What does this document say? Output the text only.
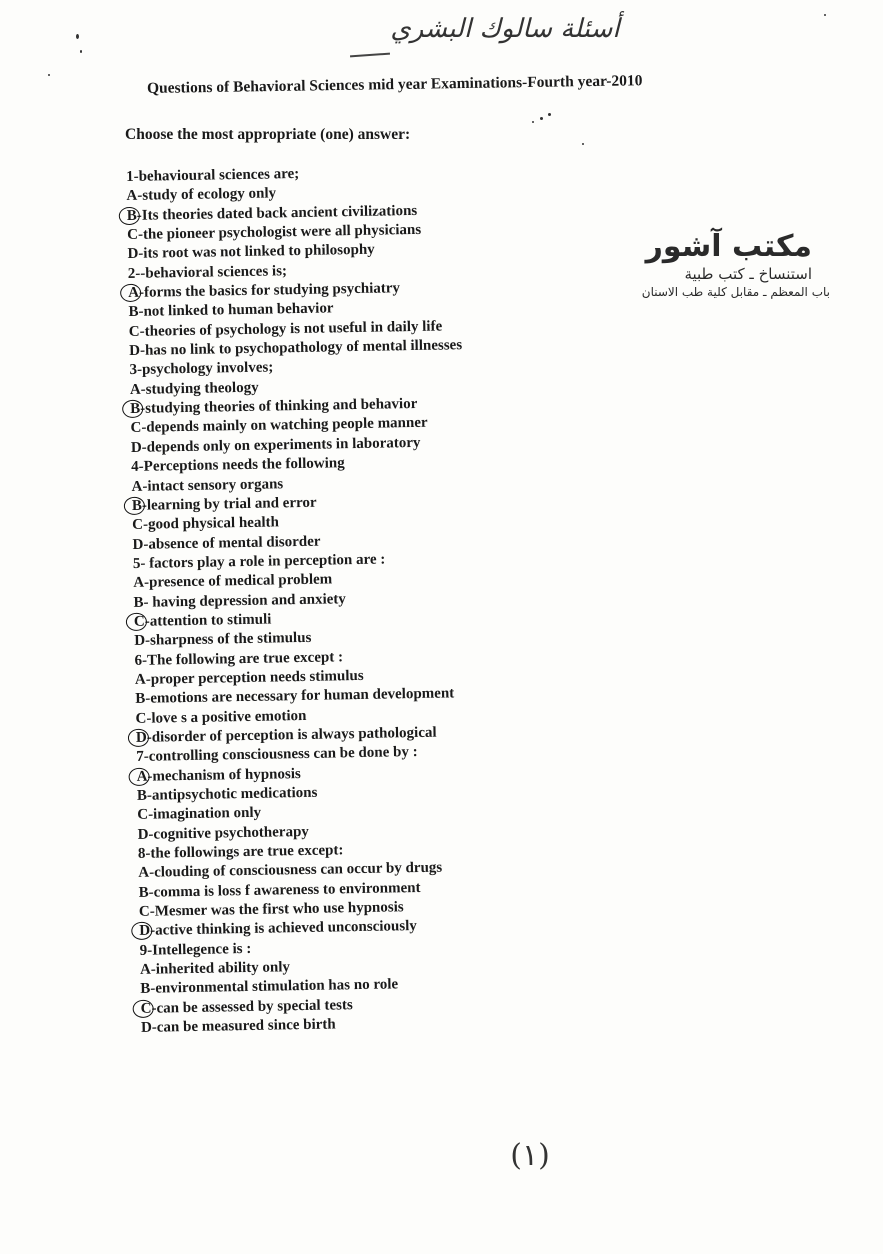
أسئلة سالوك البشري
Questions of Behavioral Sciences mid year Examinations-Fourth year-2010
Choose the most appropriate (one) answer:
1-behavioural sciences are;
A-study of ecology only
B-Its theories dated back ancient civilizations
C-the pioneer psychologist were all physicians
D-its root was not linked to philosophy
2--behavioral sciences is;
A-forms the basics for studying psychiatry
B-not linked to human behavior
C-theories of psychology is not useful in daily life
D-has no link to psychopathology of mental illnesses
3-psychology involves;
A-studying theology
B-studying theories of thinking and behavior
C-depends mainly on watching people manner
D-depends only on experiments in laboratory
4-Perceptions needs the following
A-intact sensory organs
B-learning by trial and error
C-good physical health
D-absence of mental disorder
5- factors play a role in perception are :
A-presence of medical problem
B- having depression and anxiety
C-attention to stimuli
D-sharpness of the stimulus
6-The following are true except :
A-proper perception needs stimulus
B-emotions are necessary for human development
C-love s a positive emotion
D-disorder of perception is always pathological
7-controlling consciousness can be done by :
A-mechanism of hypnosis
B-antipsychotic medications
C-imagination only
D-cognitive psychotherapy
8-the followings are true except:
A-clouding of consciousness can occur by drugs
B-comma is loss f awareness to environment
C-Mesmer was the first who use hypnosis
D-active thinking is achieved unconsciously
9-Intellegence is :
A-inherited ability only
B-environmental stimulation has no role
C-can be assessed by special tests
D-can be measured since birth
مكتب آشور
استنساخ ـ كتب طبية
باب المعظم ـ مقابل كلية طب الاسنان
(١)
